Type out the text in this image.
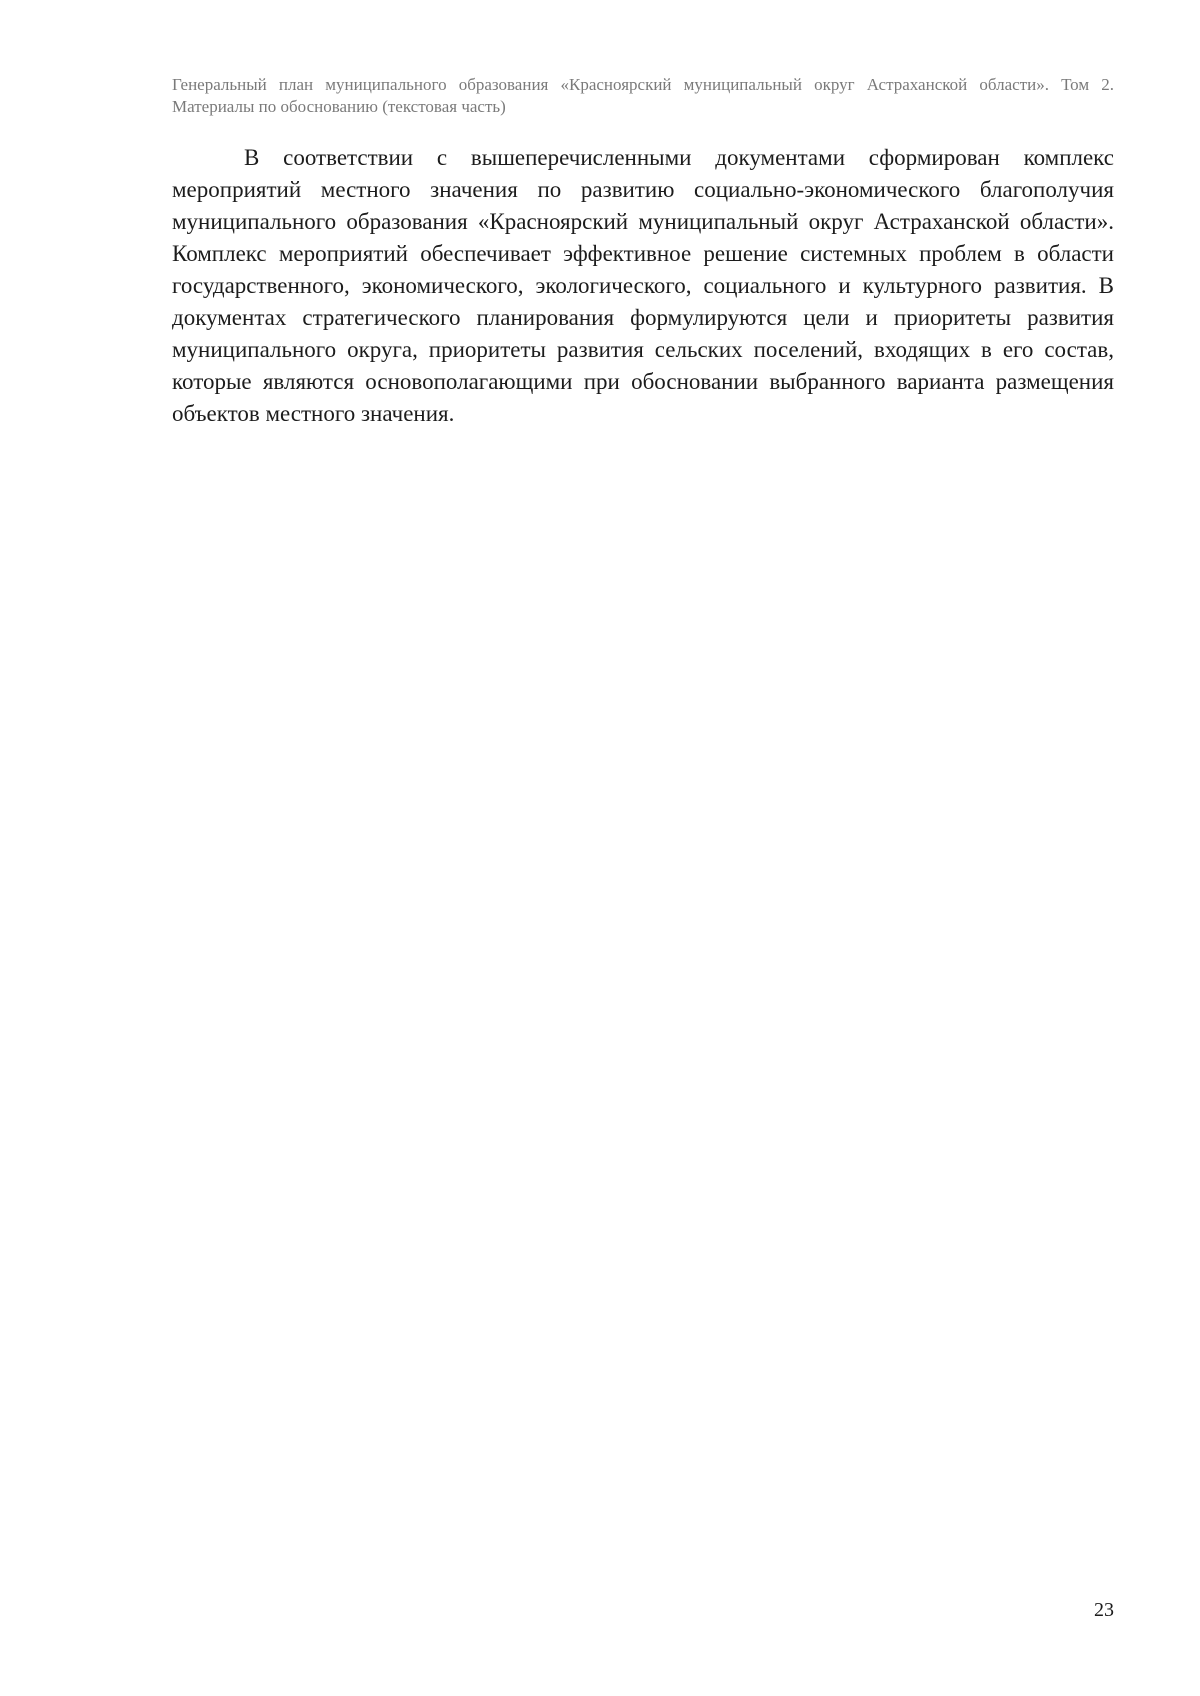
Генеральный план муниципального образования «Красноярский муниципальный округ Астраханской области». Том 2. Материалы по обоснованию (текстовая часть)

В соответствии с вышеперечисленными документами сформирован комплекс мероприятий местного значения по развитию социально-экономического благополучия муниципального образования «Красноярский муниципальный округ Астраханской области». Комплекс мероприятий обеспечивает эффективное решение системных проблем в области государственного, экономического, экологического, социального и культурного развития. В документах стратегического планирования формулируются цели и приоритеты развития муниципального округа, приоритеты развития сельских поселений, входящих в его состав, которые являются основополагающими при обосновании выбранного варианта размещения объектов местного значения.

23
